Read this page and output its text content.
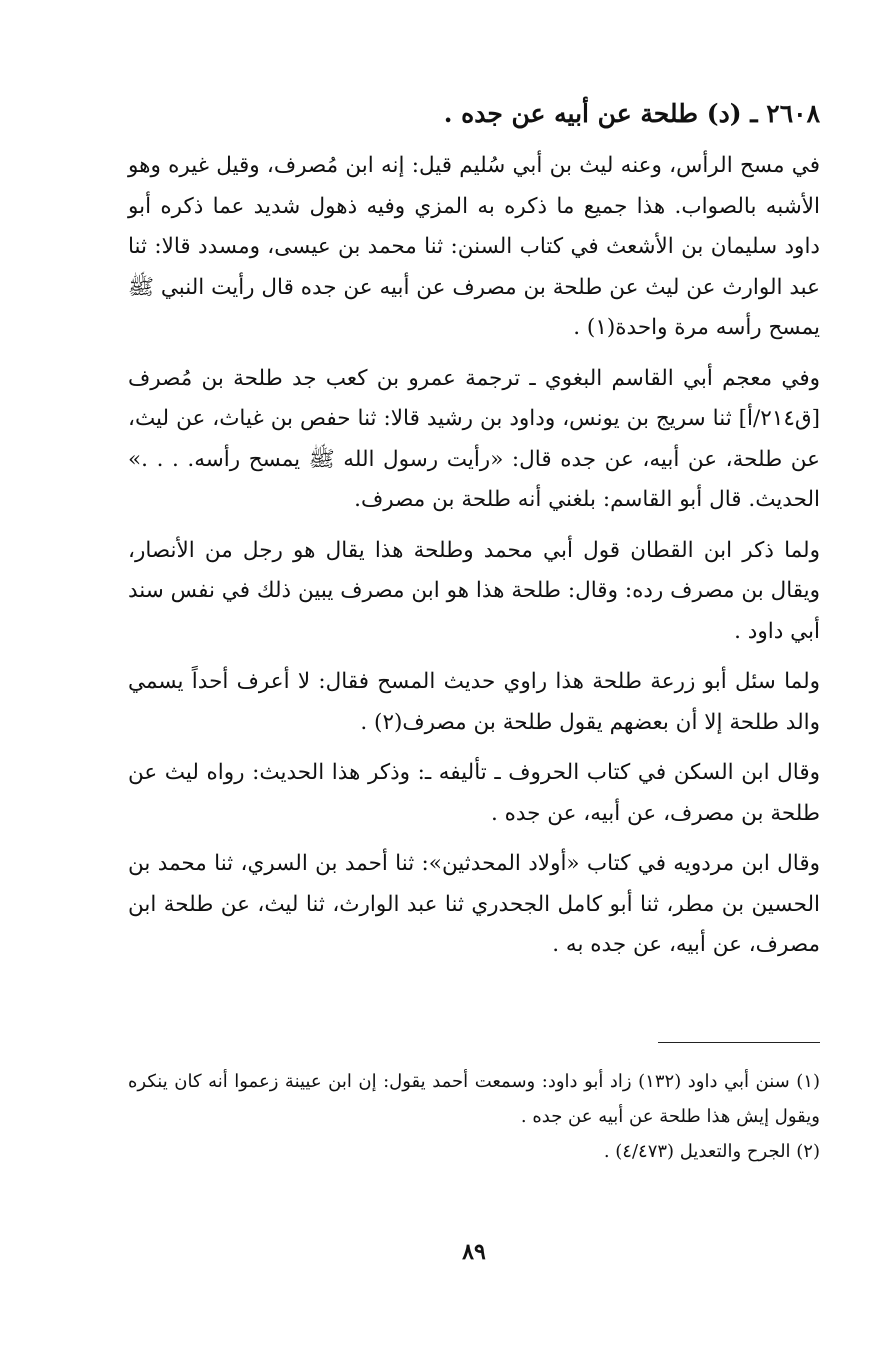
٢٦٠٨ ـ (د) طلحة عن أبيه عن جده .

في مسح الرأس، وعنه ليث بن أبي سُليم قيل: إنه ابن مُصرف، وقيل غيره وهو الأشبه بالصواب. هذا جميع ما ذكره به المزي وفيه ذهول شديد عما ذكره أبو داود سليمان بن الأشعث في كتاب السنن: ثنا محمد بن عيسى، ومسدد قالا: ثنا عبد الوارث عن ليث عن طلحة بن مصرف عن أبيه عن جده قال رأيت النبي ﷺ يمسح رأسه مرة واحدة(١) .

وفي معجم أبي القاسم البغوي ـ ترجمة عمرو بن كعب جد طلحة بن مُصرف [ق٢١٤/أ] ثنا سريج بن يونس، وداود بن رشيد قالا: ثنا حفص بن غياث، عن ليث، عن طلحة، عن أبيه، عن جده قال: «رأيت رسول الله ﷺ يمسح رأسه. . . .» الحديث. قال أبو القاسم: بلغني أنه طلحة بن مصرف.

ولما ذكر ابن القطان قول أبي محمد وطلحة هذا يقال هو رجل من الأنصار، ويقال بن مصرف رده: وقال: طلحة هذا هو ابن مصرف يبين ذلك في نفس سند أبي داود .

ولما سئل أبو زرعة طلحة هذا راوي حديث المسح فقال: لا أعرف أحداً يسمي والد طلحة إلا أن بعضهم يقول طلحة بن مصرف(٢) .

وقال ابن السكن في كتاب الحروف ـ تأليفه ـ: وذكر هذا الحديث: رواه ليث عن طلحة بن مصرف، عن أبيه، عن جده .

وقال ابن مردويه في كتاب «أولاد المحدثين»: ثنا أحمد بن السري، ثنا محمد بن الحسين بن مطر، ثنا أبو كامل الجحدري ثنا عبد الوارث، ثنا ليث، عن طلحة ابن مصرف، عن أبيه، عن جده به .

(١) سنن أبي داود (١٣٢) زاد أبو داود: وسمعت أحمد يقول: إن ابن عيينة زعموا أنه كان ينكره ويقول إيش هذا طلحة عن أبيه عن جده .

(٢) الجرح والتعديل (٤/٤٧٣) .

٨٩
